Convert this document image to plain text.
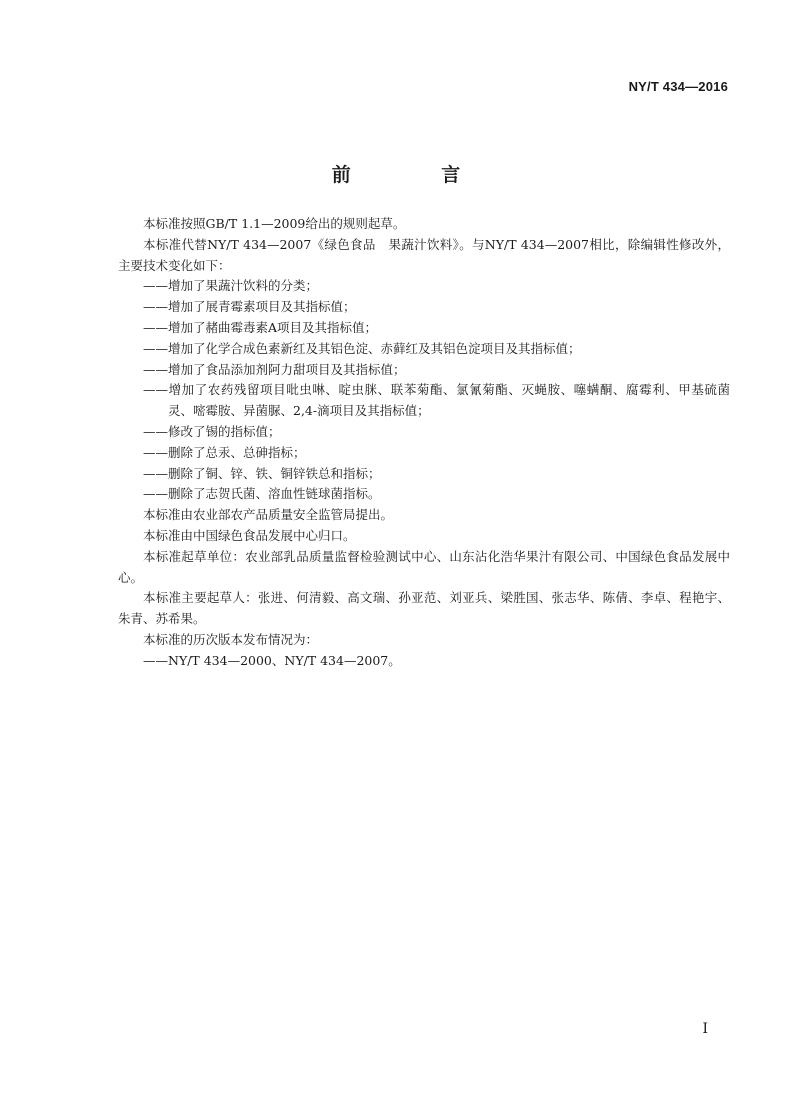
NY/T 434—2016
前 言

本标准按照GB/T 1.1—2009给出的规则起草。

本标准代替NY/T 434—2007《绿色食品　果蔬汁饮料》。与NY/T 434—2007相比，除编辑性修改外，主要技术变化如下：

——增加了果蔬汁饮料的分类；

——增加了展青霉素项目及其指标值；

——增加了赭曲霉毒素A项目及其指标值；

——增加了化学合成色素新红及其铝色淀、赤藓红及其铝色淀项目及其指标值；

——增加了食品添加剂阿力甜项目及其指标值；

——增加了农药残留项目吡虫啉、啶虫脒、联苯菊酯、氯氰菊酯、灭蝇胺、噻螨酮、腐霉利、甲基硫菌灵、嘧霉胺、异菌脲、2,4-滴项目及其指标值；

——修改了锡的指标值；

——删除了总汞、总砷指标；

——删除了铜、锌、铁、铜锌铁总和指标；

——删除了志贺氏菌、溶血性链球菌指标。

本标准由农业部农产品质量安全监管局提出。

本标准由中国绿色食品发展中心归口。

本标准起草单位：农业部乳品质量监督检验测试中心、山东沾化浩华果汁有限公司、中国绿色食品发展中心。

本标准主要起草人：张进、何清毅、高文瑞、孙亚范、刘亚兵、梁胜国、张志华、陈倩、李卓、程艳宇、朱青、苏希果。

本标准的历次版本发布情况为：

——NY/T 434—2000、NY/T 434—2007。

I
